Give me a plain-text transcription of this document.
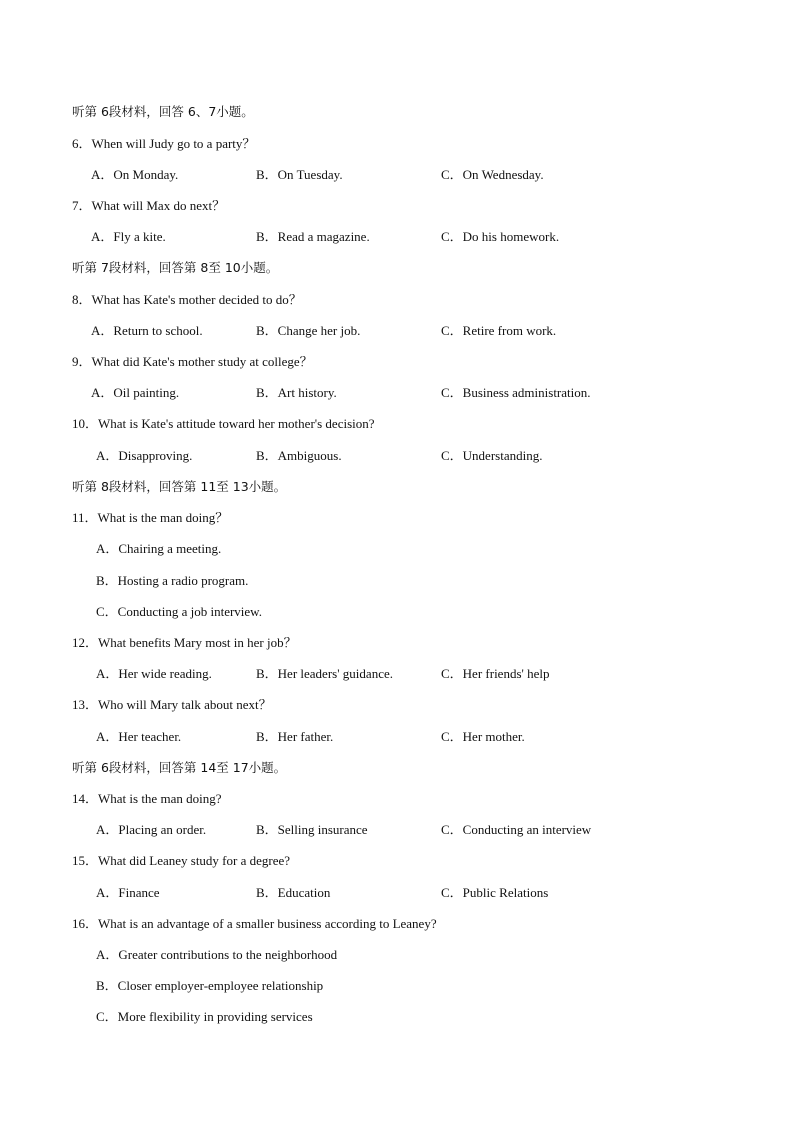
听第 6段材料，回答 6、7小题。
6．When will Judy go to a party？
A．On Monday.	B．On Tuesday.	C．On Wednesday.
7．What will Max do next？
A．Fly a kite.	B．Read a magazine.	C．Do his homework.
听第 7段材料，回答第 8至 10小题。
8．What has Kate's mother decided to do？
A．Return to school.	B．Change her job.	C．Retire from work.
9．What did Kate's mother study at college？
A．Oil painting.	B．Art history.	C．Business administration.
10．What is Kate's attitude toward her mother's decision?
A．Disapproving.	B．Ambiguous.	C．Understanding.
听第 8段材料，回答第 11至 13小题。
11．What is the man doing？
A．Chairing a meeting.
B．Hosting a radio program.
C．Conducting a job interview.
12．What benefits Mary most in her job？
A．Her wide reading.	B．Her leaders' guidance.	C．Her friends' help
13．Who will Mary talk about next？
A．Her teacher.	B．Her father.	C．Her mother.
听第 6段材料，回答第 14至 17小题。
14．What is the man doing?
A．Placing an order.	B．Selling insurance	C．Conducting an interview
15．What did Leaney study for a degree?
A．Finance	B．Education	C．Public Relations
16．What is an advantage of a smaller business according to Leaney?
A．Greater contributions to the neighborhood
B．Closer employer-employee relationship
C．More flexibility in providing services
